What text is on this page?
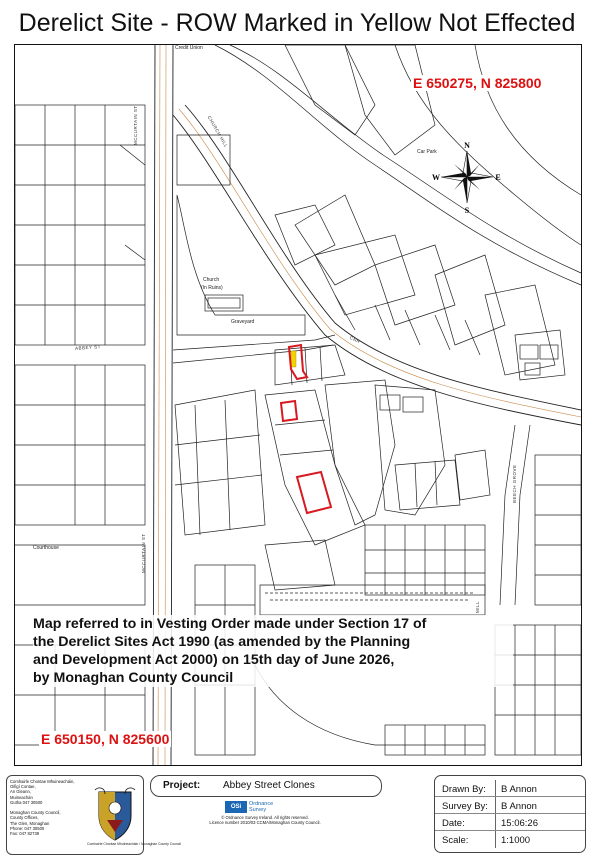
Derelict Site - ROW Marked in Yellow Not Effected
N
S
E
W
E 650275, N 825800
E 650150, N 825600
Credit Union
Car Park
Church
(In Ruins)
Graveyard
Courthouse
MCCURTAIN ST
MCCURTAIN ST
CHURCH HILL
ABBEY ST
CNR
BEECH GROVE
MILL
Map referred to in Vesting Order made under Section 17 of
the Derelict Sites Act 1990 (as amended by the Planning
and Development Act 2000) on 15th day of June 2026,
by Monaghan County Council
Comhairle Chontae Mhuineacháin,
Oifigí Contae,
An Gleann,
Muineachán
Gutha 047 30500

Monaghan County Council,
County Offices,
The Glen, Monaghan
Phone: 047 30500
Fax: 047 82739
Comhairle Chontae Mhuineacháin / Monaghan County Council
Project: Abbey Street Clones
OSi	Ordnance
Survey
© Ordnance Survey Ireland. All rights reserved.
Licence number 2010/03 CCMA/Monaghan County Council.
Drawn By: B Annon
Survey By: B Annon
Date:	15:06:26
Scale:	1:1000
